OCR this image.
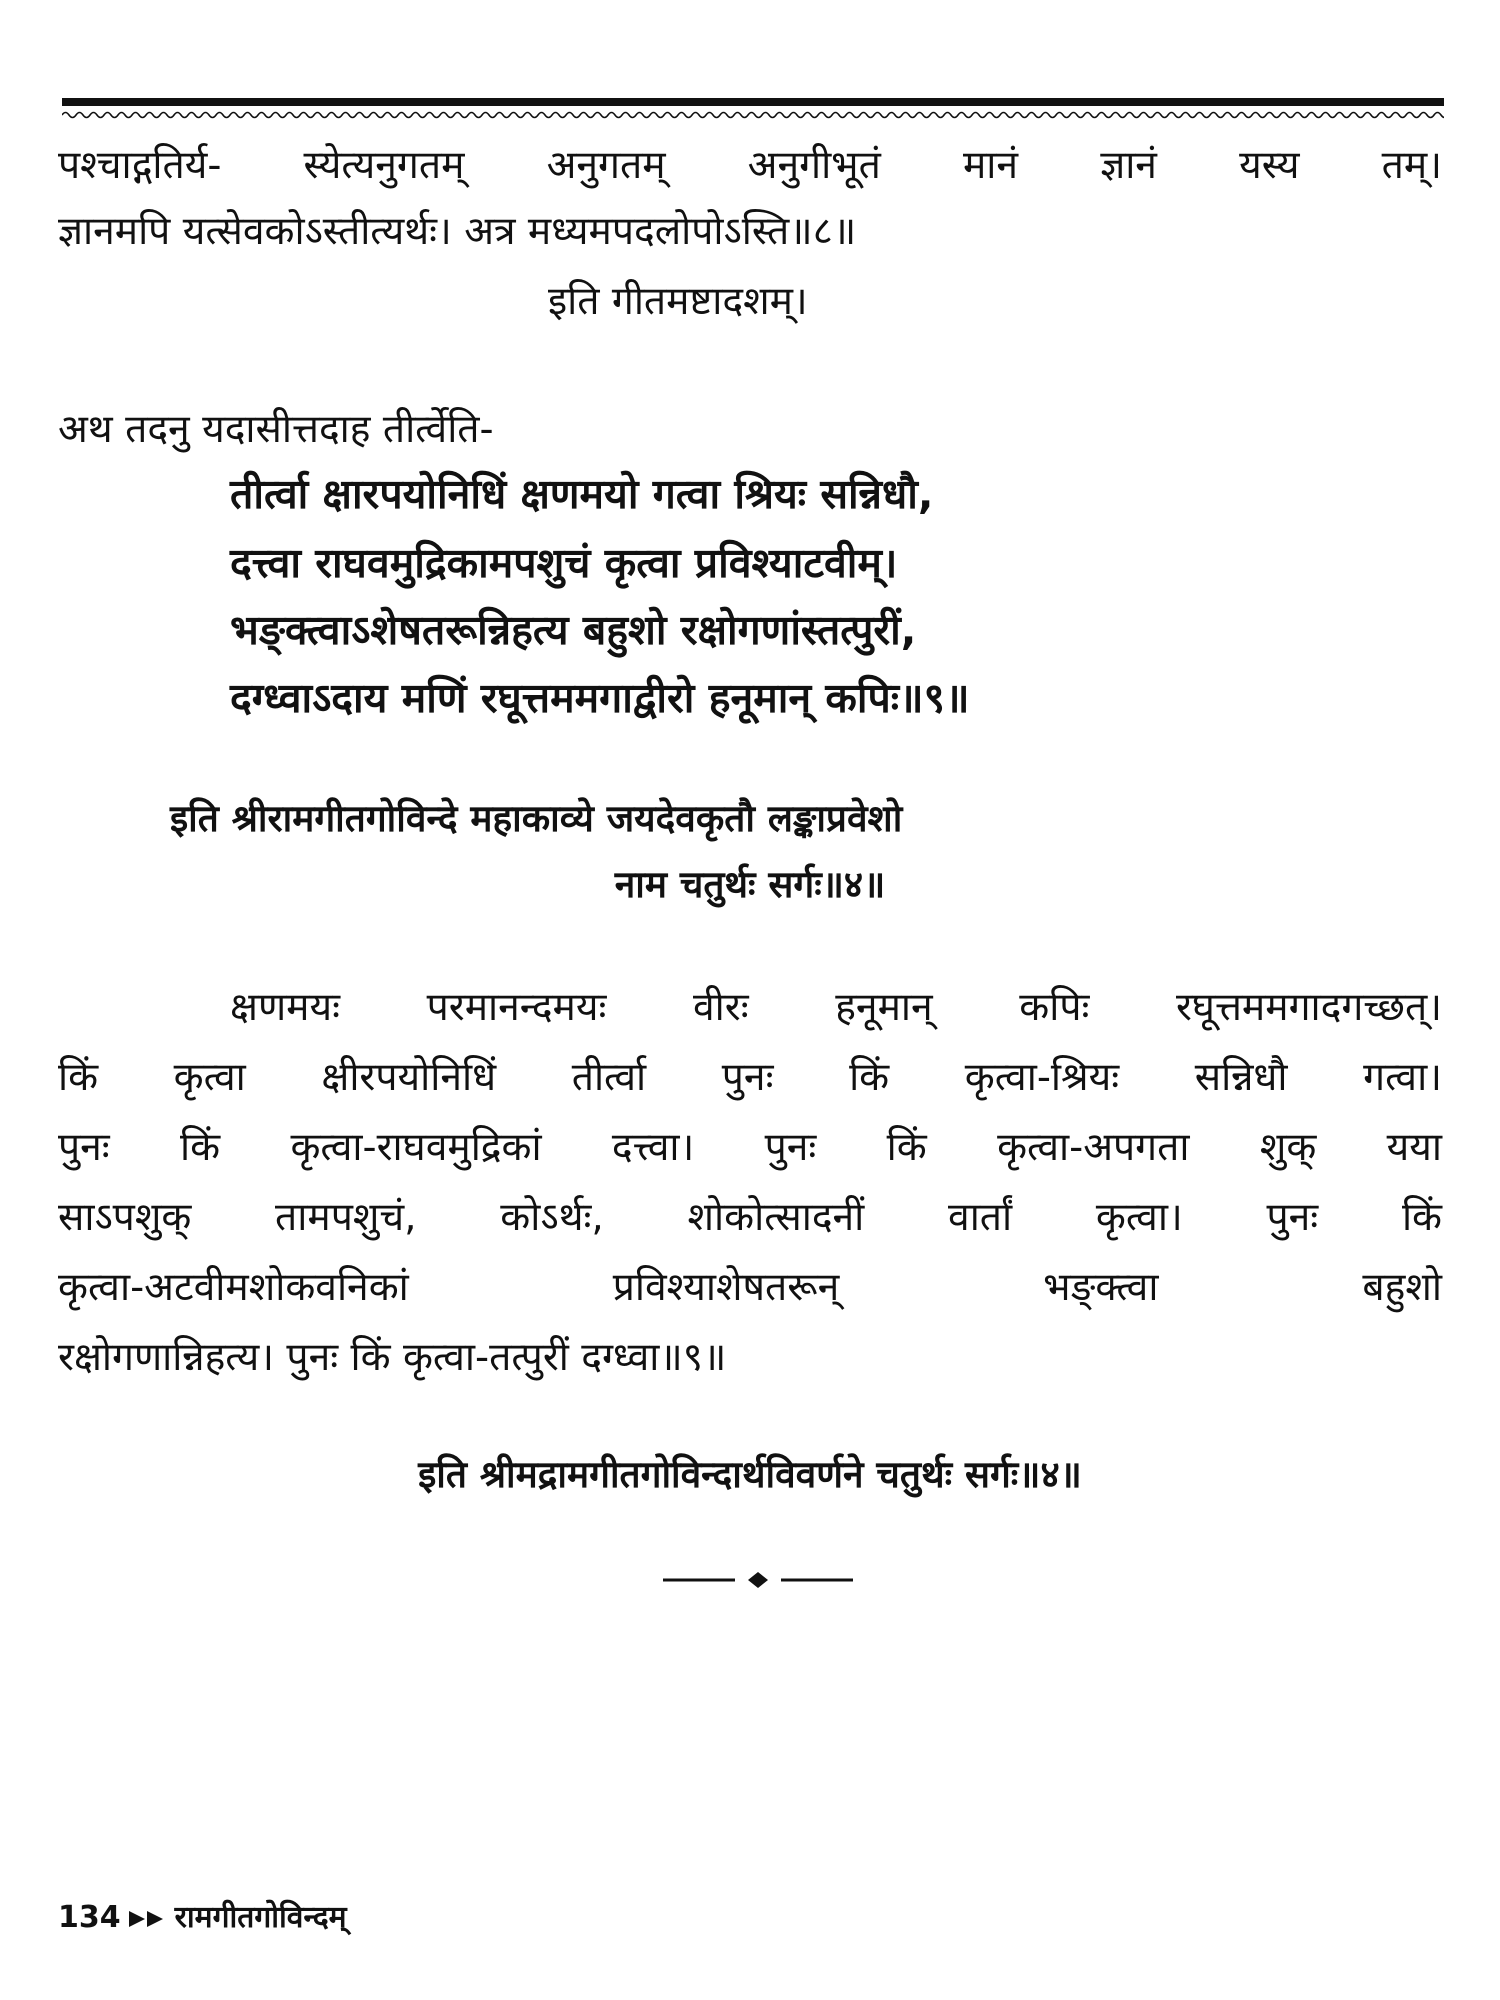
पश्चाद्गतिर्य- स्येत्यनुगतम् अनुगतम् अनुगीभूतं मानं ज्ञानं यस्य तम्।
ज्ञानमपि यत्सेवकोऽस्तीत्यर्थः। अत्र मध्यमपदलोपोऽस्ति॥८॥
इति गीतमष्टादशम्।
अथ तदनु यदासीत्तदाह तीर्त्वेति-
तीर्त्वा क्षारपयोनिधिं क्षणमयो गत्वा श्रियः सन्निधौ,
दत्त्वा राघवमुद्रिकामपशुचं कृत्वा प्रविश्याटवीम्।
भङ्क्त्वाऽशेषतरून्निहत्य बहुशो रक्षोगणांस्तत्पुरीं,
दग्ध्वाऽदाय मणिं रघूत्तममगाद्वीरो हनूमान् कपिः॥९॥
इति श्रीरामगीतगोविन्दे महाकाव्ये जयदेवकृतौ लङ्काप्रवेशो
नाम चतुर्थः सर्गः॥४॥
क्षणमयः परमानन्दमयः वीरः हनूमान् कपिः रघूत्तममगादगच्छत्।
किं कृत्वा क्षीरपयोनिधिं तीर्त्वा पुनः किं कृत्वा-श्रियः सन्निधौ गत्वा।
पुनः किं कृत्वा-राघवमुद्रिकां दत्त्वा। पुनः किं कृत्वा-अपगता शुक् यया
साऽपशुक् तामपशुचं, कोऽर्थः, शोकोत्सादनीं वार्तां कृत्वा। पुनः किं
कृत्वा-अटवीमशोकवनिकां प्रविश्याशेषतरून् भङ्क्त्वा बहुशो
रक्षोगणान्निहत्य। पुनः किं कृत्वा-तत्पुरीं दग्ध्वा॥९॥
इति श्रीमद्रामगीतगोविन्दार्थविवर्णने चतुर्थः सर्गः॥४॥
134 रामगीतगोविन्दम्
